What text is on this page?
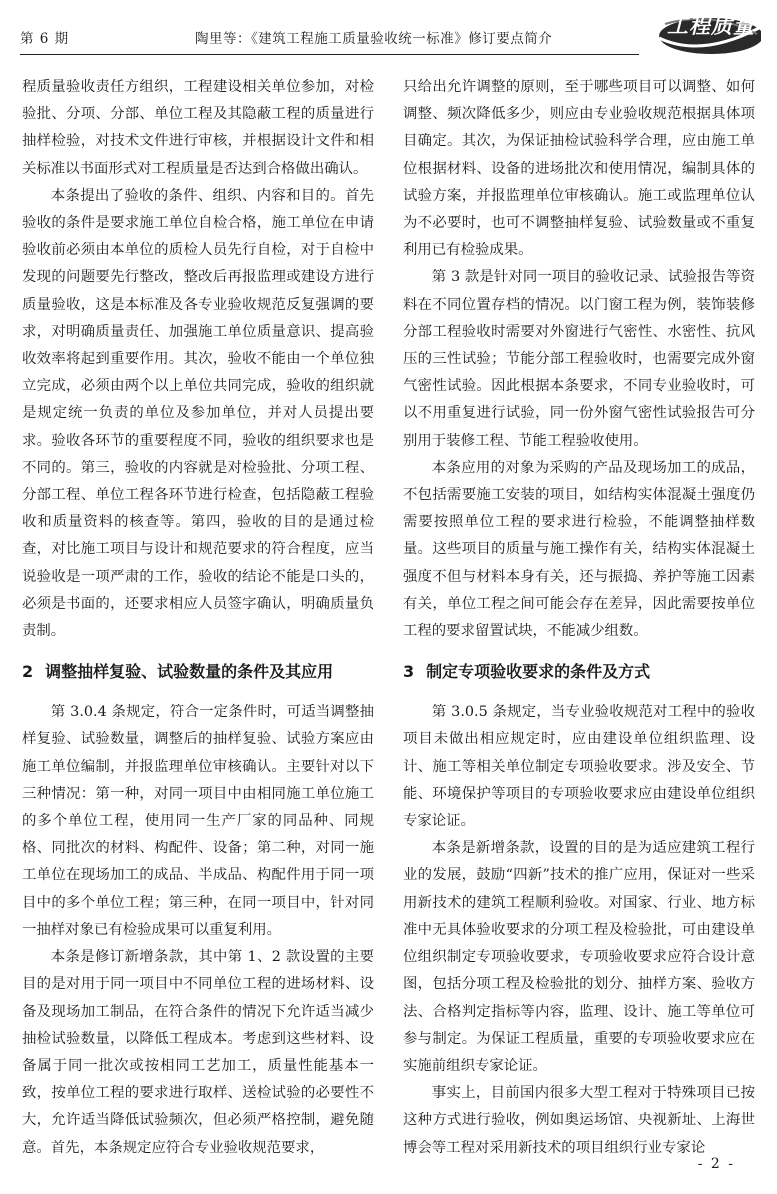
第 6 期	陶里等：《建筑工程施工质量验收统一标准》修订要点简介
工程质量

程质量验收责任方组织，工程建设相关单位参加，对检验批、分项、分部、单位工程及其隐蔽工程的质量进行抽样检验，对技术文件进行审核，并根据设计文件和相关标准以书面形式对工程质量是否达到合格做出确认。

本条提出了验收的条件、组织、内容和目的。首先验收的条件是要求施工单位自检合格，施工单位在申请验收前必须由本单位的质检人员先行自检，对于自检中发现的问题要先行整改，整改后再报监理或建设方进行质量验收，这是本标准及各专业验收规范反复强调的要求，对明确质量责任、加强施工单位质量意识、提高验收效率将起到重要作用。其次，验收不能由一个单位独立完成，必须由两个以上单位共同完成，验收的组织就是规定统一负责的单位及参加单位，并对人员提出要求。验收各环节的重要程度不同，验收的组织要求也是不同的。第三，验收的内容就是对检验批、分项工程、分部工程、单位工程各环节进行检查，包括隐蔽工程验收和质量资料的核查等。第四，验收的目的是通过检查，对比施工项目与设计和规范要求的符合程度，应当说验收是一项严肃的工作，验收的结论不能是口头的，必须是书面的，还要求相应人员签字确认，明确质量负责制。

2 调整抽样复验、试验数量的条件及其应用

第 3.0.4 条规定，符合一定条件时，可适当调整抽样复验、试验数量，调整后的抽样复验、试验方案应由施工单位编制，并报监理单位审核确认。主要针对以下三种情况：第一种，对同一项目中由相同施工单位施工的多个单位工程，使用同一生产厂家的同品种、同规格、同批次的材料、构配件、设备；第二种，对同一施工单位在现场加工的成品、半成品、构配件用于同一项目中的多个单位工程；第三种，在同一项目中，针对同一抽样对象已有检验成果可以重复利用。

本条是修订新增条款，其中第 1、2 款设置的主要目的是对用于同一项目中不同单位工程的进场材料、设备及现场加工制品，在符合条件的情况下允许适当减少抽检试验数量，以降低工程成本。考虑到这些材料、设备属于同一批次或按相同工艺加工，质量性能基本一致，按单位工程的要求进行取样、送检试验的必要性不大，允许适当降低试验频次，但必须严格控制，避免随意。首先，本条规定应符合专业验收规范要求，

只给出允许调整的原则，至于哪些项目可以调整、如何调整、频次降低多少，则应由专业验收规范根据具体项目确定。其次，为保证抽检试验科学合理，应由施工单位根据材料、设备的进场批次和使用情况，编制具体的试验方案，并报监理单位审核确认。施工或监理单位认为不必要时，也可不调整抽样复验、试验数量或不重复利用已有检验成果。

第 3 款是针对同一项目的验收记录、试验报告等资料在不同位置存档的情况。以门窗工程为例，装饰装修分部工程验收时需要对外窗进行气密性、水密性、抗风压的三性试验；节能分部工程验收时，也需要完成外窗气密性试验。因此根据本条要求，不同专业验收时，可以不用重复进行试验，同一份外窗气密性试验报告可分别用于装修工程、节能工程验收使用。

本条应用的对象为采购的产品及现场加工的成品，不包括需要施工安装的项目，如结构实体混凝土强度仍需要按照单位工程的要求进行检验，不能调整抽样数量。这些项目的质量与施工操作有关，结构实体混凝土强度不但与材料本身有关，还与振捣、养护等施工因素有关，单位工程之间可能会存在差异，因此需要按单位工程的要求留置试块，不能减少组数。

3 制定专项验收要求的条件及方式

第 3.0.5 条规定，当专业验收规范对工程中的验收项目未做出相应规定时，应由建设单位组织监理、设计、施工等相关单位制定专项验收要求。涉及安全、节能、环境保护等项目的专项验收要求应由建设单位组织专家论证。

本条是新增条款，设置的目的是为适应建筑工程行业的发展，鼓励“四新”技术的推广应用，保证对一些采用新技术的建筑工程顺利验收。对国家、行业、地方标准中无具体验收要求的分项工程及检验批，可由建设单位组织制定专项验收要求，专项验收要求应符合设计意图，包括分项工程及检验批的划分、抽样方案、验收方法、合格判定指标等内容，监理、设计、施工等单位可参与制定。为保证工程质量，重要的专项验收要求应在实施前组织专家论证。

事实上，目前国内很多大型工程对于特殊项目已按这种方式进行验收，例如奥运场馆、央视新址、上海世博会等工程对采用新技术的项目组织行业专家论

- 2 -
